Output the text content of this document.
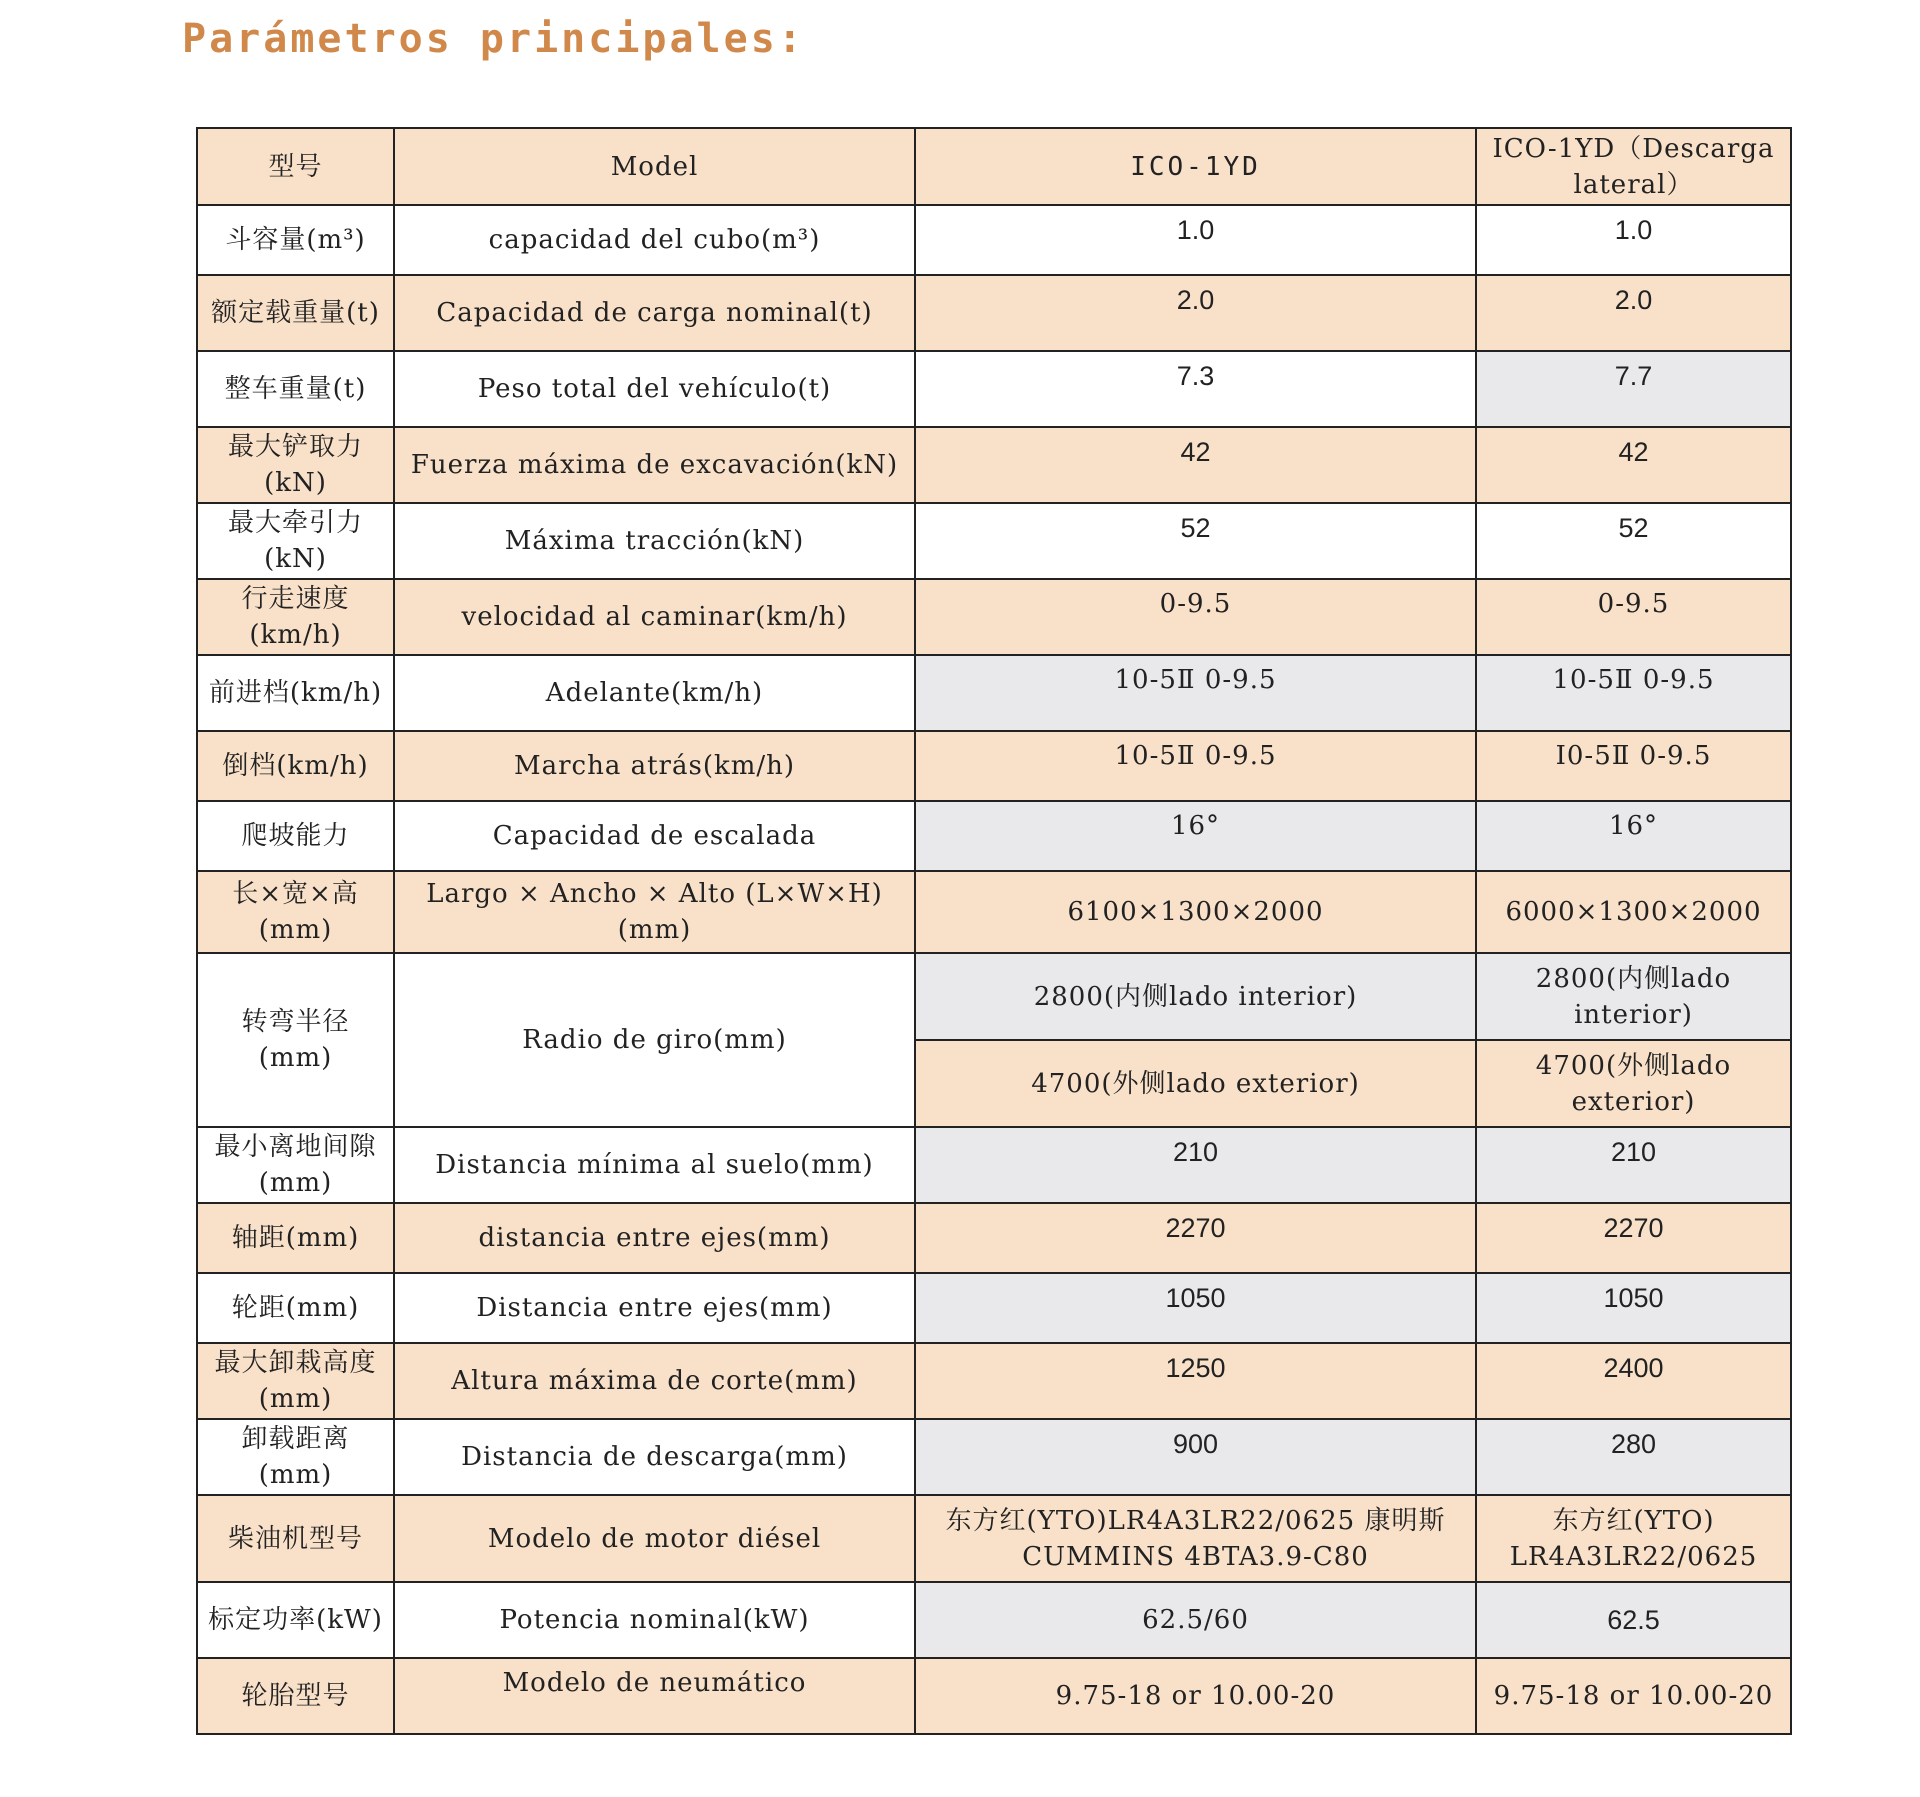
Parámetros principales:
型号	Model	ICO-1YD	ICO-1YD（Descarga lateral）
斗容量(m³)	capacidad del cubo(m³)	1.0	1.0
额定载重量(t)	Capacidad de carga nominal(t)	2.0	2.0
整车重量(t)	Peso total del vehículo(t)	7.3	7.7
最大铲取力(kN)	Fuerza máxima de excavación(kN)	42	42
最大牵引力(kN)	Máxima tracción(kN)	52	52
行走速度(km/h)	velocidad al caminar(km/h)	0-9.5	0-9.5
前进档(km/h)	Adelante(km/h)	10-5Ⅱ 0-9.5	10-5Ⅱ 0-9.5
倒档(km/h)	Marcha atrás(km/h)	10-5Ⅱ 0-9.5	I0-5Ⅱ 0-9.5
爬坡能力	Capacidad de escalada	16°	16°
长×宽×高(mm)	Largo × Ancho × Alto (L×W×H)(mm)	6100×1300×2000	6000×1300×2000
转弯半径(mm)	Radio de giro(mm)	2800(内侧lado interior)	2800(内侧lado interior)
		4700(外侧lado exterior)	4700(外侧lado exterior)
最小离地间隙(mm)	Distancia mínima al suelo(mm)	210	210
轴距(mm)	distancia entre ejes(mm)	2270	2270
轮距(mm)	Distancia entre ejes(mm)	1050	1050
最大卸栽高度(mm)	Altura máxima de corte(mm)	1250	2400
卸载距离(mm)	Distancia de descarga(mm)	900	280
柴油机型号	Modelo de motor diésel	东方红(YTO)LR4A3LR22/0625 康明斯CUMMINS 4BTA3.9-C80	东方红(YTO) LR4A3LR22/0625
标定功率(kW)	Potencia nominal(kW)	62.5/60	62.5
轮胎型号	Modelo de neumático	9.75-18 or 10.00-20	9.75-18 or 10.00-20
